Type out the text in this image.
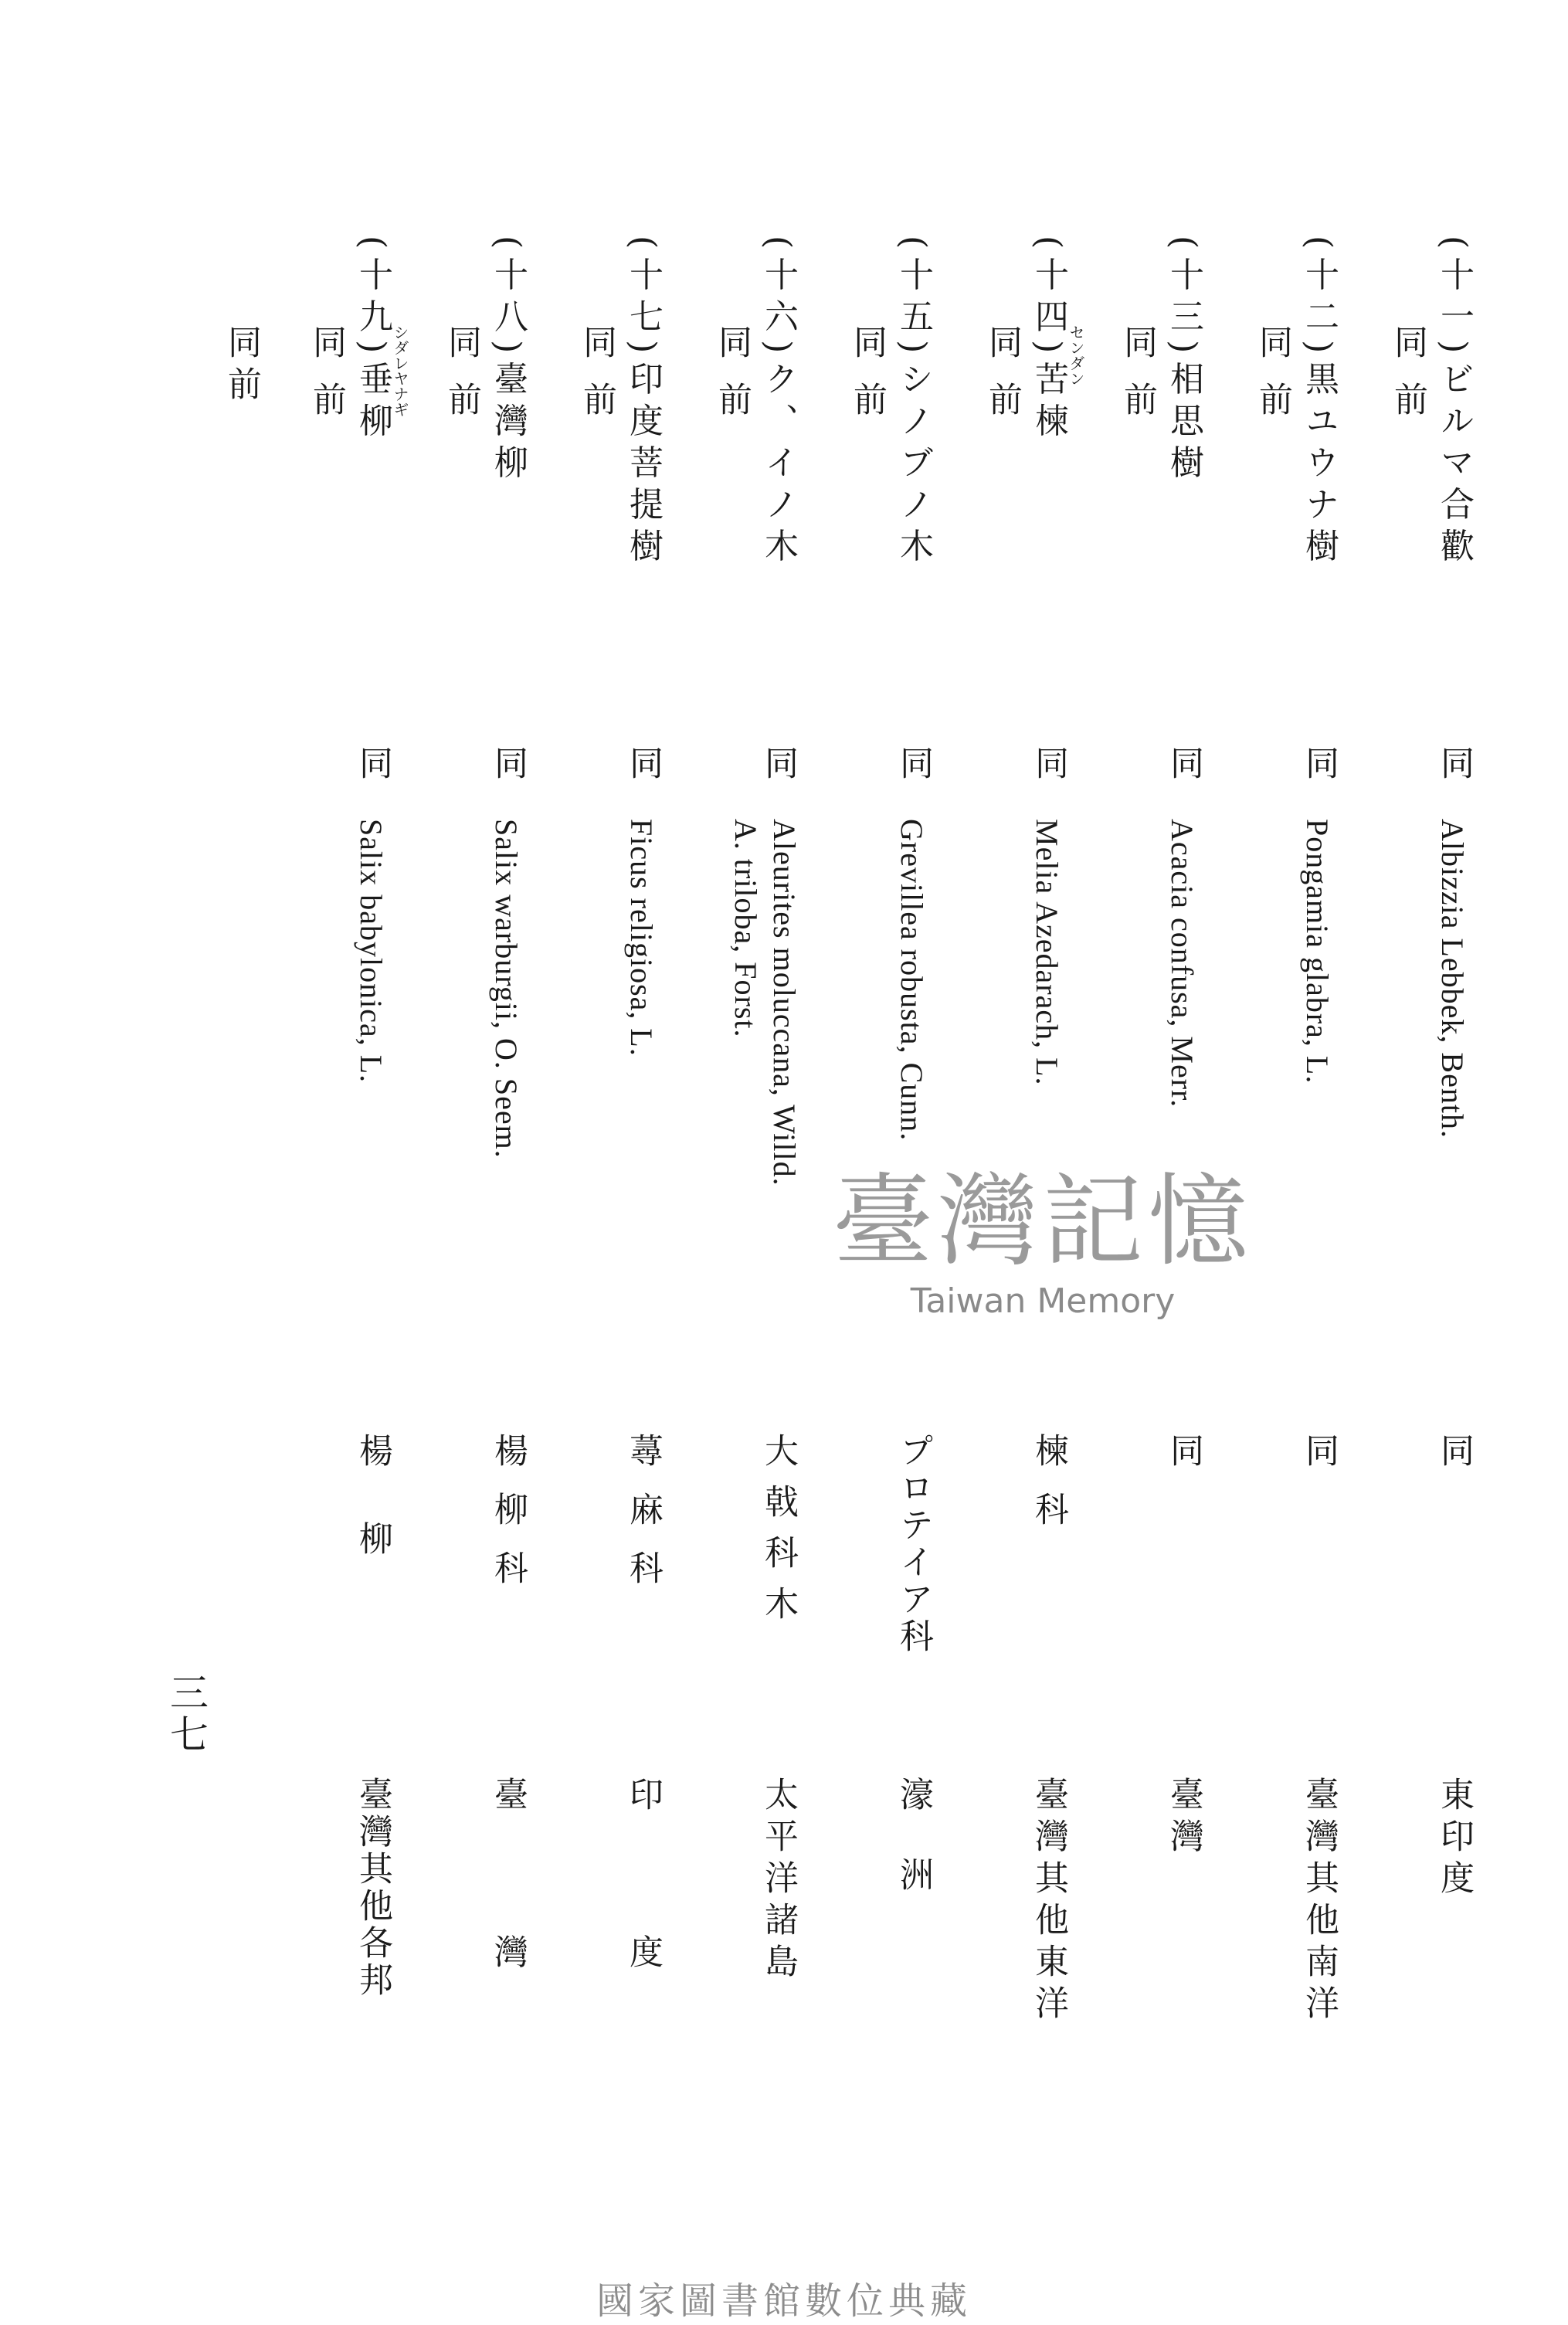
(十一)ビルマ合歡
同前
同
Albizzia Lebbek, Benth.
同
東印度
(十二)黒ユウナ樹
同前
同
Pongamia glabra, L.
同
臺灣其他南洋
(十三)相思樹
同前
同
Acacia confusa, Merr.
同
臺灣
(十四)苦楝
センダン
同前
同
Melia Azedarach, L.
楝科
臺灣其他東洋
(十五)シノブノ木
同前
同
Grevillea robusta, Cunn.
プロテイア科
濠洲
(十六)ク、イノ木
同前
同
Aleurites moluccana, Willd.
A. triloba, Forst.
大戟科木
太平洋諸島
(十七)印度菩提樹
同前
同
Ficus religiosa, L.
蕁麻科
印度
(十八)臺灣柳
同前
同
Salix warburgii, O. Seem.
楊柳科
臺灣
(十九)垂柳
シダレヤナギ
同前
同
Salix babylonica, L.
楊柳
臺灣其他各邦
同前
三七
臺灣記憶
Taiwan Memory
國家圖書館數位典藏
